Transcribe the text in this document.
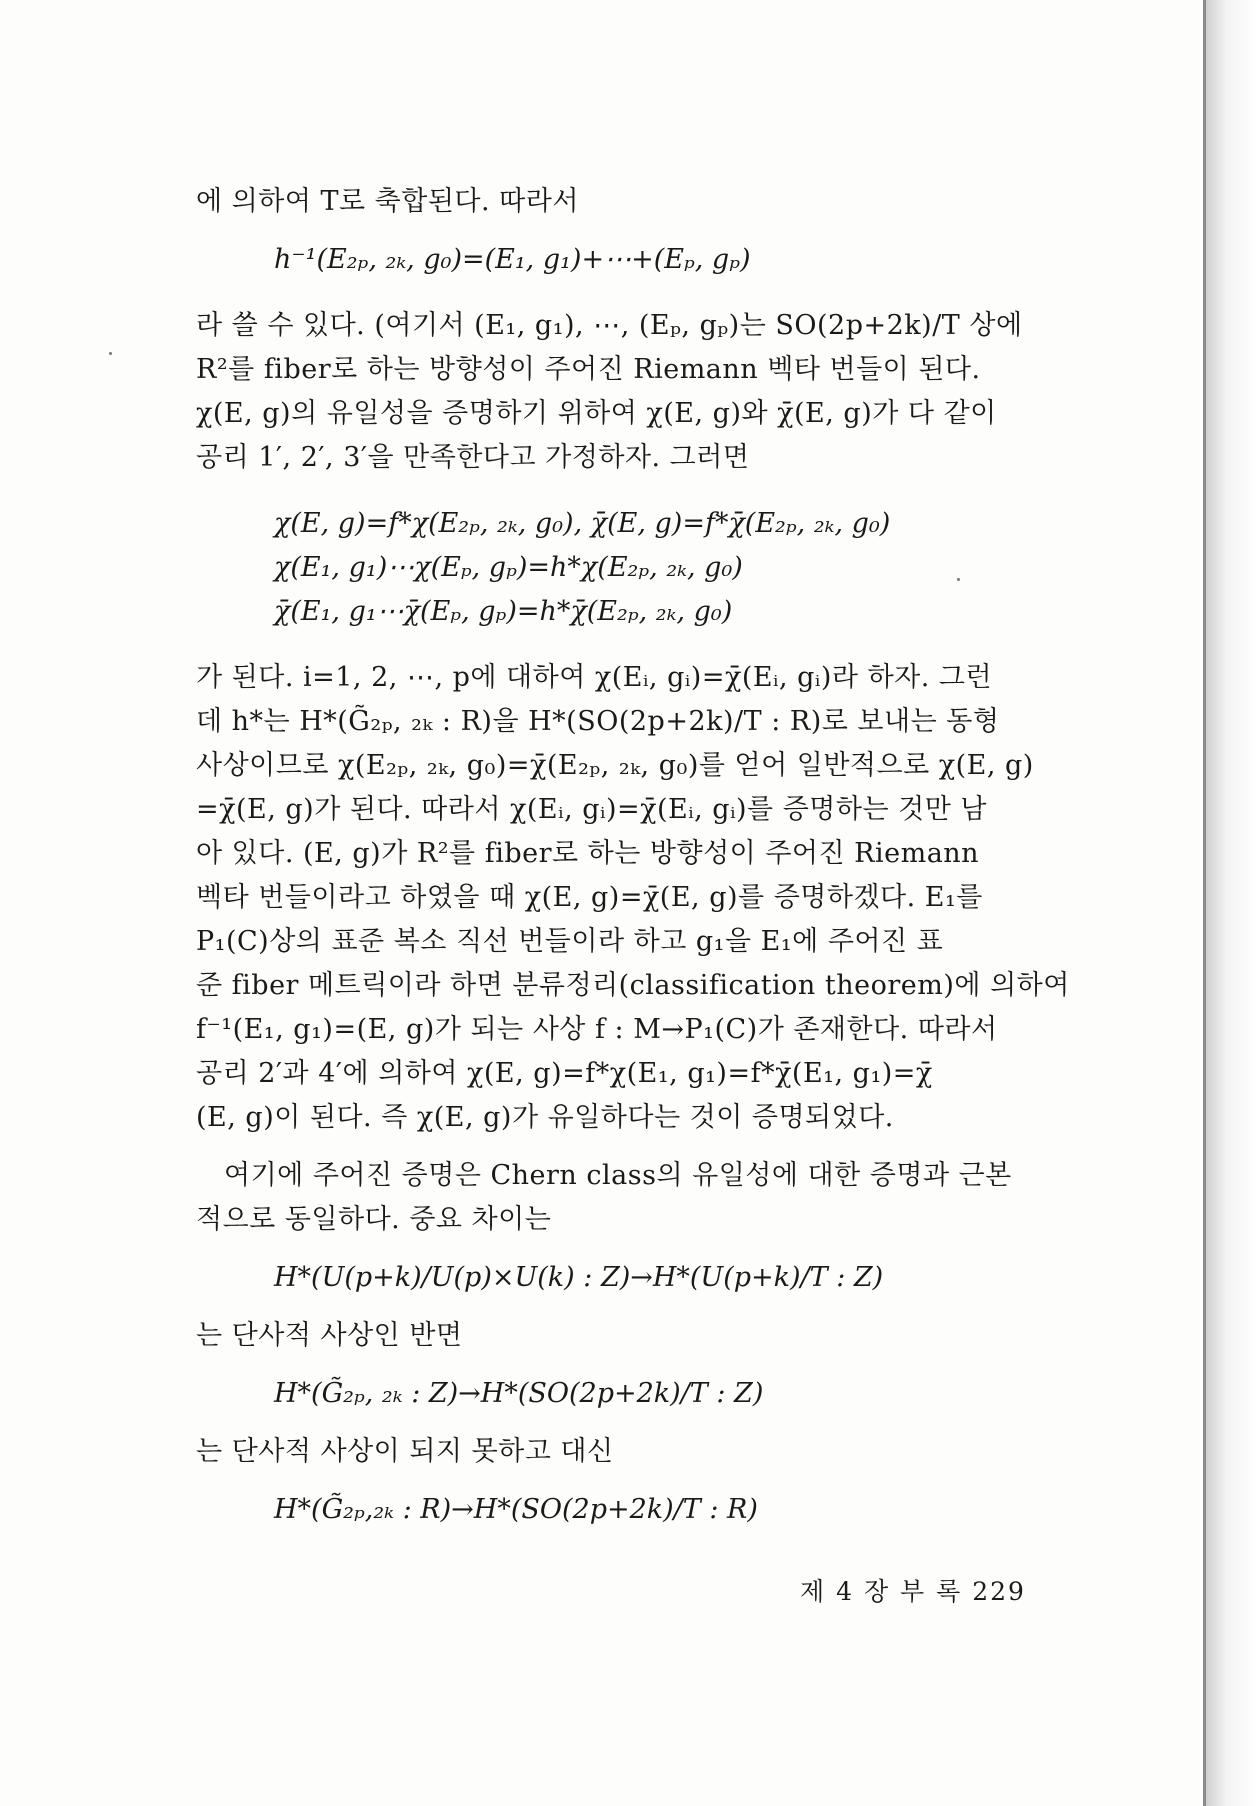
에 의하여 T로 축합된다. 따라서

h⁻¹(E₂ₚ, ₂ₖ, g₀)=(E₁, g₁)+⋯+(Eₚ, gₚ)

라 쓸 수 있다. (여기서 (E₁, g₁), ⋯, (Eₚ, gₚ)는 SO(2p+2k)/T 상에

R²를 fiber로 하는 방향성이 주어진 Riemann 벡타 번들이 된다.

χ(E, g)의 유일성을 증명하기 위하여 χ(E, g)와 χ̄(E, g)가 다 같이

공리 1′, 2′, 3′을 만족한다고 가정하자. 그러면

χ(E, g)=f*χ(E₂ₚ, ₂ₖ, g₀), χ̄(E, g)=f*χ̄(E₂ₚ, ₂ₖ, g₀)

χ(E₁, g₁)⋯χ(Eₚ, gₚ)=h*χ(E₂ₚ, ₂ₖ, g₀)

χ̄(E₁, g₁⋯χ̄(Eₚ, gₚ)=h*χ̄(E₂ₚ, ₂ₖ, g₀)

가 된다. i=1, 2, ⋯, p에 대하여 χ(Eᵢ, gᵢ)=χ̄(Eᵢ, gᵢ)라 하자. 그런

데 h*는 H*(G̃₂ₚ, ₂ₖ : R)을 H*(SO(2p+2k)/T : R)로 보내는 동형

사상이므로 χ(E₂ₚ, ₂ₖ, g₀)=χ̄(E₂ₚ, ₂ₖ, g₀)를 얻어 일반적으로 χ(E, g)

=χ̄(E, g)가 된다. 따라서 χ(Eᵢ, gᵢ)=χ̄(Eᵢ, gᵢ)를 증명하는 것만 남

아 있다. (E, g)가 R²를 fiber로 하는 방향성이 주어진 Riemann

벡타 번들이라고 하였을 때 χ(E, g)=χ̄(E, g)를 증명하겠다. E₁를

P₁(C)상의 표준 복소 직선 번들이라 하고 g₁을 E₁에 주어진 표

준 fiber 메트릭이라 하면 분류정리(classification theorem)에 의하여

f⁻¹(E₁, g₁)=(E, g)가 되는 사상 f : M→P₁(C)가 존재한다. 따라서

공리 2′과 4′에 의하여 χ(E, g)=f*χ(E₁, g₁)=f*χ̄(E₁, g₁)=χ̄

(E, g)이 된다. 즉 χ(E, g)가 유일하다는 것이 증명되었다.

여기에 주어진 증명은 Chern class의 유일성에 대한 증명과 근본

적으로 동일하다. 중요 차이는

H*(U(p+k)/U(p)×U(k) : Z)→H*(U(p+k)/T : Z)

는 단사적 사상인 반면

H*(G̃₂ₚ, ₂ₖ : Z)→H*(SO(2p+2k)/T : Z)

는 단사적 사상이 되지 못하고 대신

H*(G̃₂ₚ,₂ₖ : R)→H*(SO(2p+2k)/T : R)

제 4 장 부 록 229
